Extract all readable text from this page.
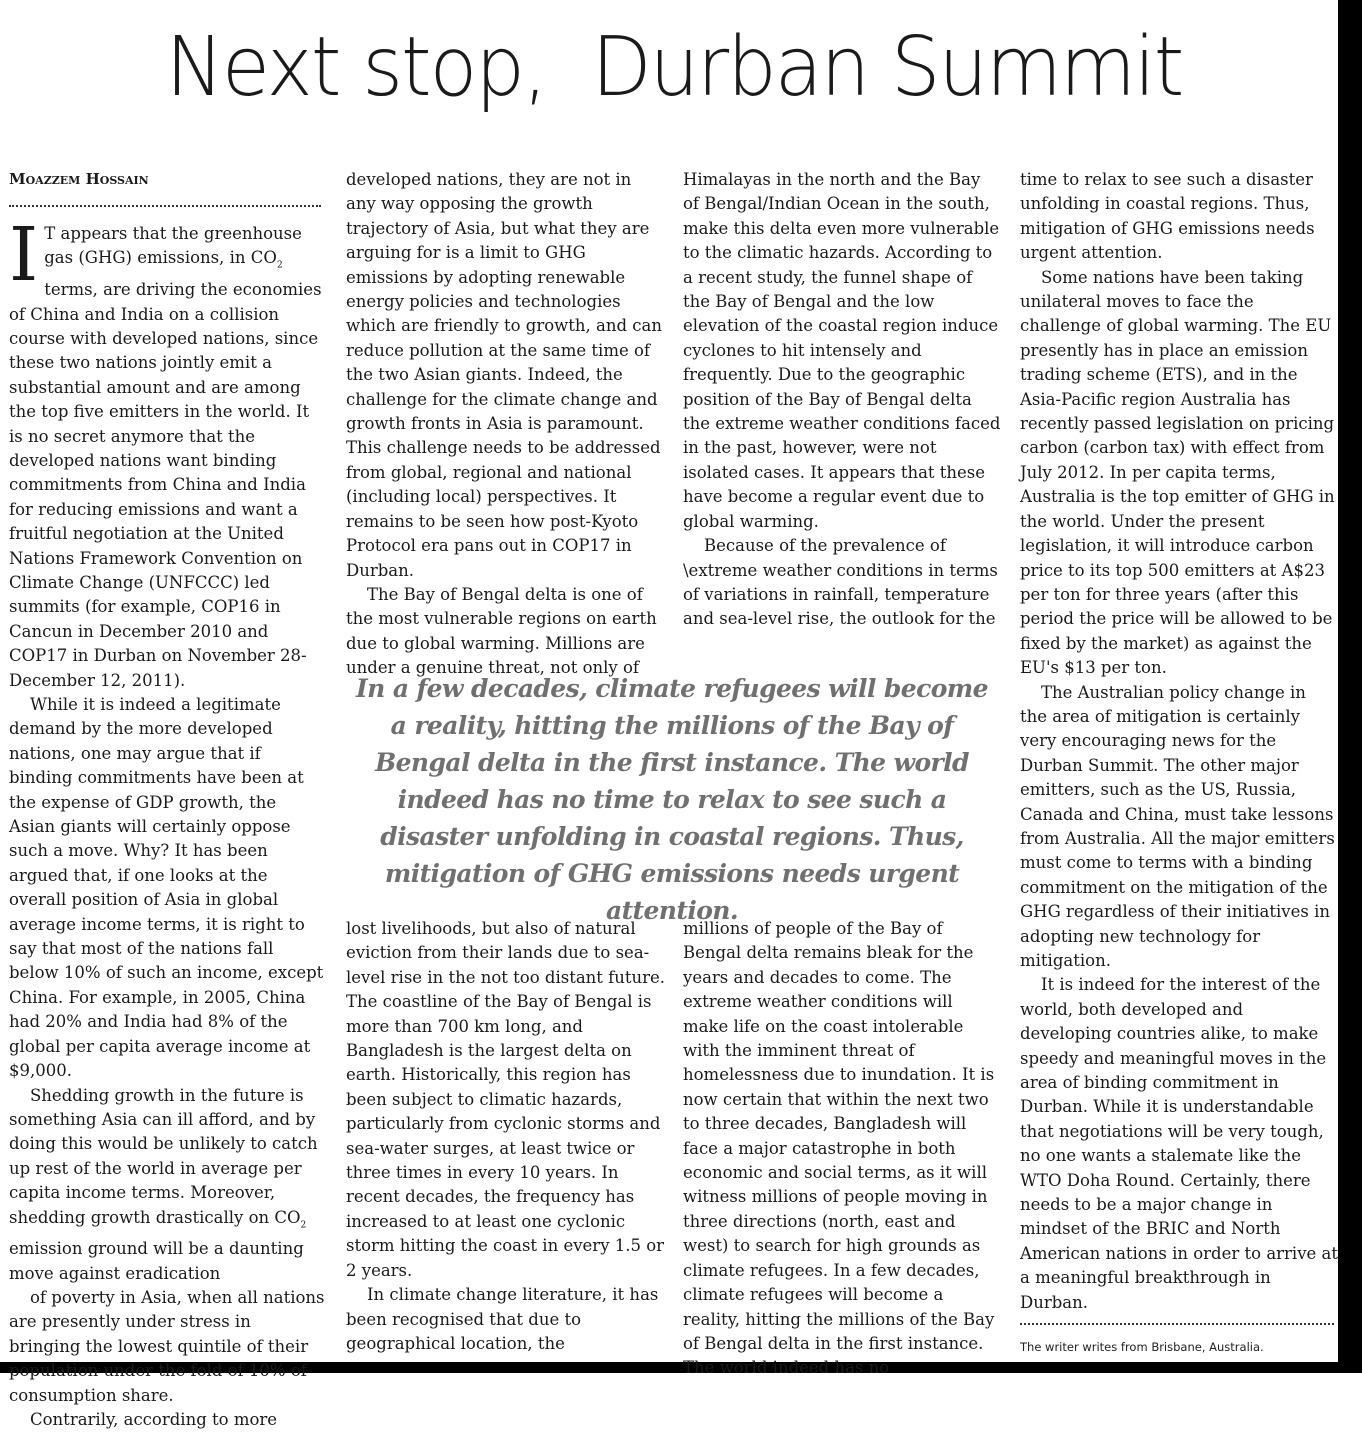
Next stop,  Durban Summit
Moazzem Hossain

I T appears that the greenhouse gas (GHG) emissions, in $CO_2$ terms, are driving the economies of China and India on a collision course with developed nations, since these two nations jointly emit a substantial amount and are among the top five emitters in the world. It is no secret anymore that the developed nations want binding commitments from China and India for reducing emissions and want a fruitful negotiation at the United Nations Framework Convention on Climate Change (UNFCCC) led summits (for example, COP16 in Cancun in December 2010 and COP17 in Durban on November 28-December 12, 2011).

While it is indeed a legitimate demand by the more developed nations, one may argue that if binding commitments have been at the expense of GDP growth, the Asian giants will certainly oppose such a move. Why? It has been argued that, if one looks at the overall position of Asia in global average income terms, it is right to say that most of the nations fall below 10% of such an income, except China. For example, in 2005, China had 20% and India had 8% of the global per capita average income at $9,000.

Shedding growth in the future is something Asia can ill afford, and by doing this would be unlikely to catch up rest of the world in average per capita income terms. Moreover, shedding growth drastically on $CO_2$ emission ground will be a daunting move against eradication

of poverty in Asia, when all nations are presently under stress in bringing the lowest quintile of their population under the fold of 10% of consumption share.

Contrarily, according to more

developed nations, they are not in any way opposing the growth trajectory of Asia, but what they are arguing for is a limit to GHG emissions by adopting renewable energy policies and technologies which are friendly to growth, and can reduce pollution at the same time of the two Asian giants. Indeed, the challenge for the climate change and growth fronts in Asia is paramount. This challenge needs to be addressed from global, regional and national (including local) perspectives. It remains to be seen how post-Kyoto Protocol era pans out in COP17 in Durban.

The Bay of Bengal delta is one of the most vulnerable regions on earth due to global warming. Millions are under a genuine threat, not only of

Himalayas in the north and the Bay of Bengal/Indian Ocean in the south, make this delta even more vulnerable to the climatic hazards. According to a recent study, the funnel shape of the Bay of Bengal and the low elevation of the coastal region induce cyclones to hit intensely and frequently. Due to the geographic position of the Bay of Bengal delta the extreme weather conditions faced in the past, however, were not isolated cases. It appears that these have become a regular event due to global warming.

Because of the prevalence of \extreme weather conditions in terms of variations in rainfall, temperature and sea-level rise, the outlook for the

In a few decades, climate refugees will become a reality, hitting the millions of the Bay of Bengal delta in the first instance. The world indeed has no time to relax to see such a disaster unfolding in coastal regions. Thus, mitigation of GHG emissions needs urgent attention.

lost livelihoods, but also of natural eviction from their lands due to sea-level rise in the not too distant future. The coastline of the Bay of Bengal is more than 700 km long, and Bangladesh is the largest delta on earth. Historically, this region has been subject to climatic hazards, particularly from cyclonic storms and sea-water surges, at least twice or three times in every 10 years. In recent decades, the frequency has increased to at least one cyclonic storm hitting the coast in every 1.5 or 2 years.

In climate change literature, it has been recognised that due to geographical location, the

millions of people of the Bay of Bengal delta remains bleak for the years and decades to come. The extreme weather conditions will make life on the coast intolerable with the imminent threat of homelessness due to inundation. It is now certain that within the next two to three decades, Bangladesh will face a major catastrophe in both economic and social terms, as it will witness millions of people moving in three directions (north, east and west) to search for high grounds as climate refugees. In a few decades, climate refugees will become a reality, hitting the millions of the Bay of Bengal delta in the first instance. The world indeed has no

time to relax to see such a disaster unfolding in coastal regions. Thus, mitigation of GHG emissions needs urgent attention.

Some nations have been taking unilateral moves to face the challenge of global warming. The EU presently has in place an emission trading scheme (ETS), and in the Asia-Pacific region Australia has recently passed legislation on pricing carbon (carbon tax) with effect from July 2012. In per capita terms, Australia is the top emitter of GHG in the world. Under the present legislation, it will introduce carbon price to its top 500 emitters at A$23 per ton for three years (after this period the price will be allowed to be fixed by the market) as against the EU's $13 per ton.

The Australian policy change in the area of mitigation is certainly very encouraging news for the Durban Summit. The other major emitters, such as the US, Russia, Canada and China, must take lessons from Australia. All the major emitters must come to terms with a binding commitment on the mitigation of the GHG regardless of their initiatives in adopting new technology for mitigation.

It is indeed for the interest of the world, both developed and developing countries alike, to make speedy and meaningful moves in the area of binding commitment in Durban. While it is understandable that negotiations will be very tough, no one wants a stalemate like the WTO Doha Round. Certainly, there needs to be a major change in mindset of the BRIC and North American nations in order to arrive at a meaningful breakthrough in Durban.

The writer writes from Brisbane, Australia.
